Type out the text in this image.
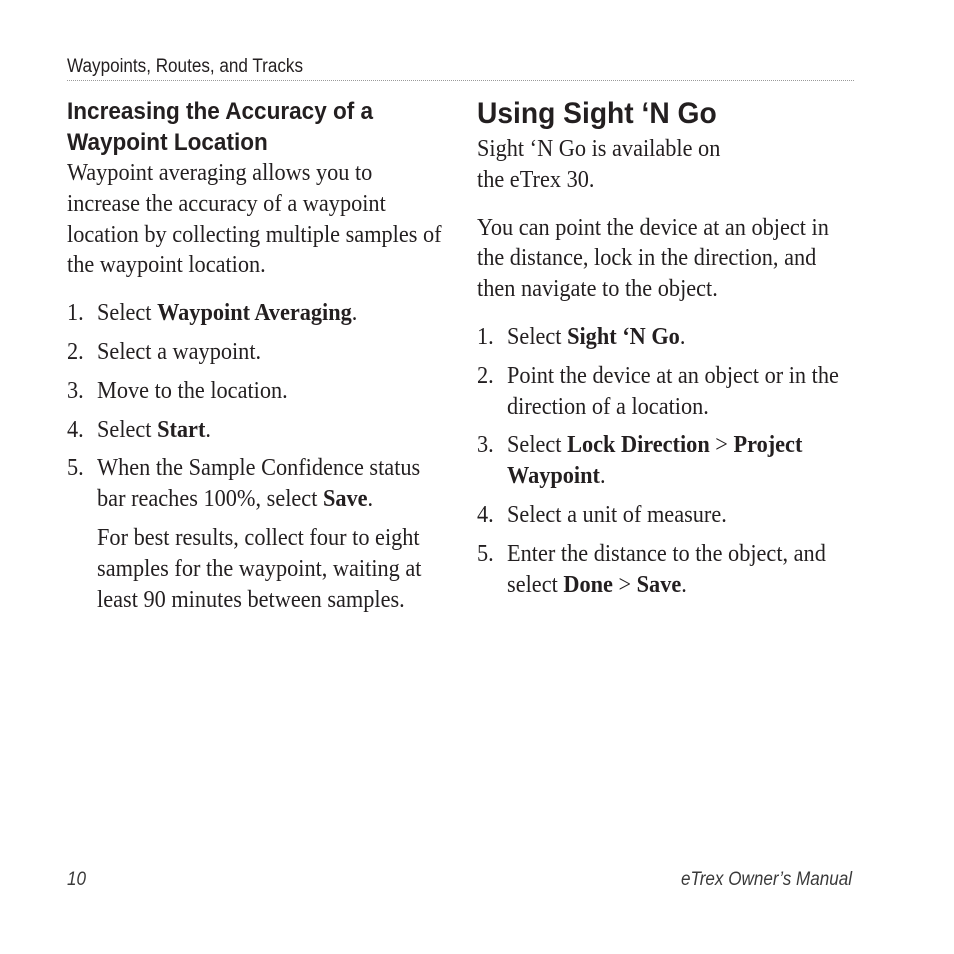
Waypoints, Routes, and Tracks
Increasing the Accuracy of a Waypoint Location

Waypoint averaging allows you to increase the accuracy of a waypoint location by collecting multiple samples of the waypoint location.

1. Select Waypoint Averaging.
2. Select a waypoint.
3. Move to the location.
4. Select Start.
5. When the Sample Confidence status bar reaches 100%, select Save.

For best results, collect four to eight samples for the waypoint, waiting at least 90 minutes between samples.

Using Sight ‘N Go

Sight ‘N Go is available on the eTrex 30.

You can point the device at an object in the distance, lock in the direction, and then navigate to the object.

1. Select Sight ‘N Go.
2. Point the device at an object or in the direction of a location.
3. Select Lock Direction > Project Waypoint.
4. Select a unit of measure.
5. Enter the distance to the object, and select Done > Save.
10	eTrex Owner’s Manual
